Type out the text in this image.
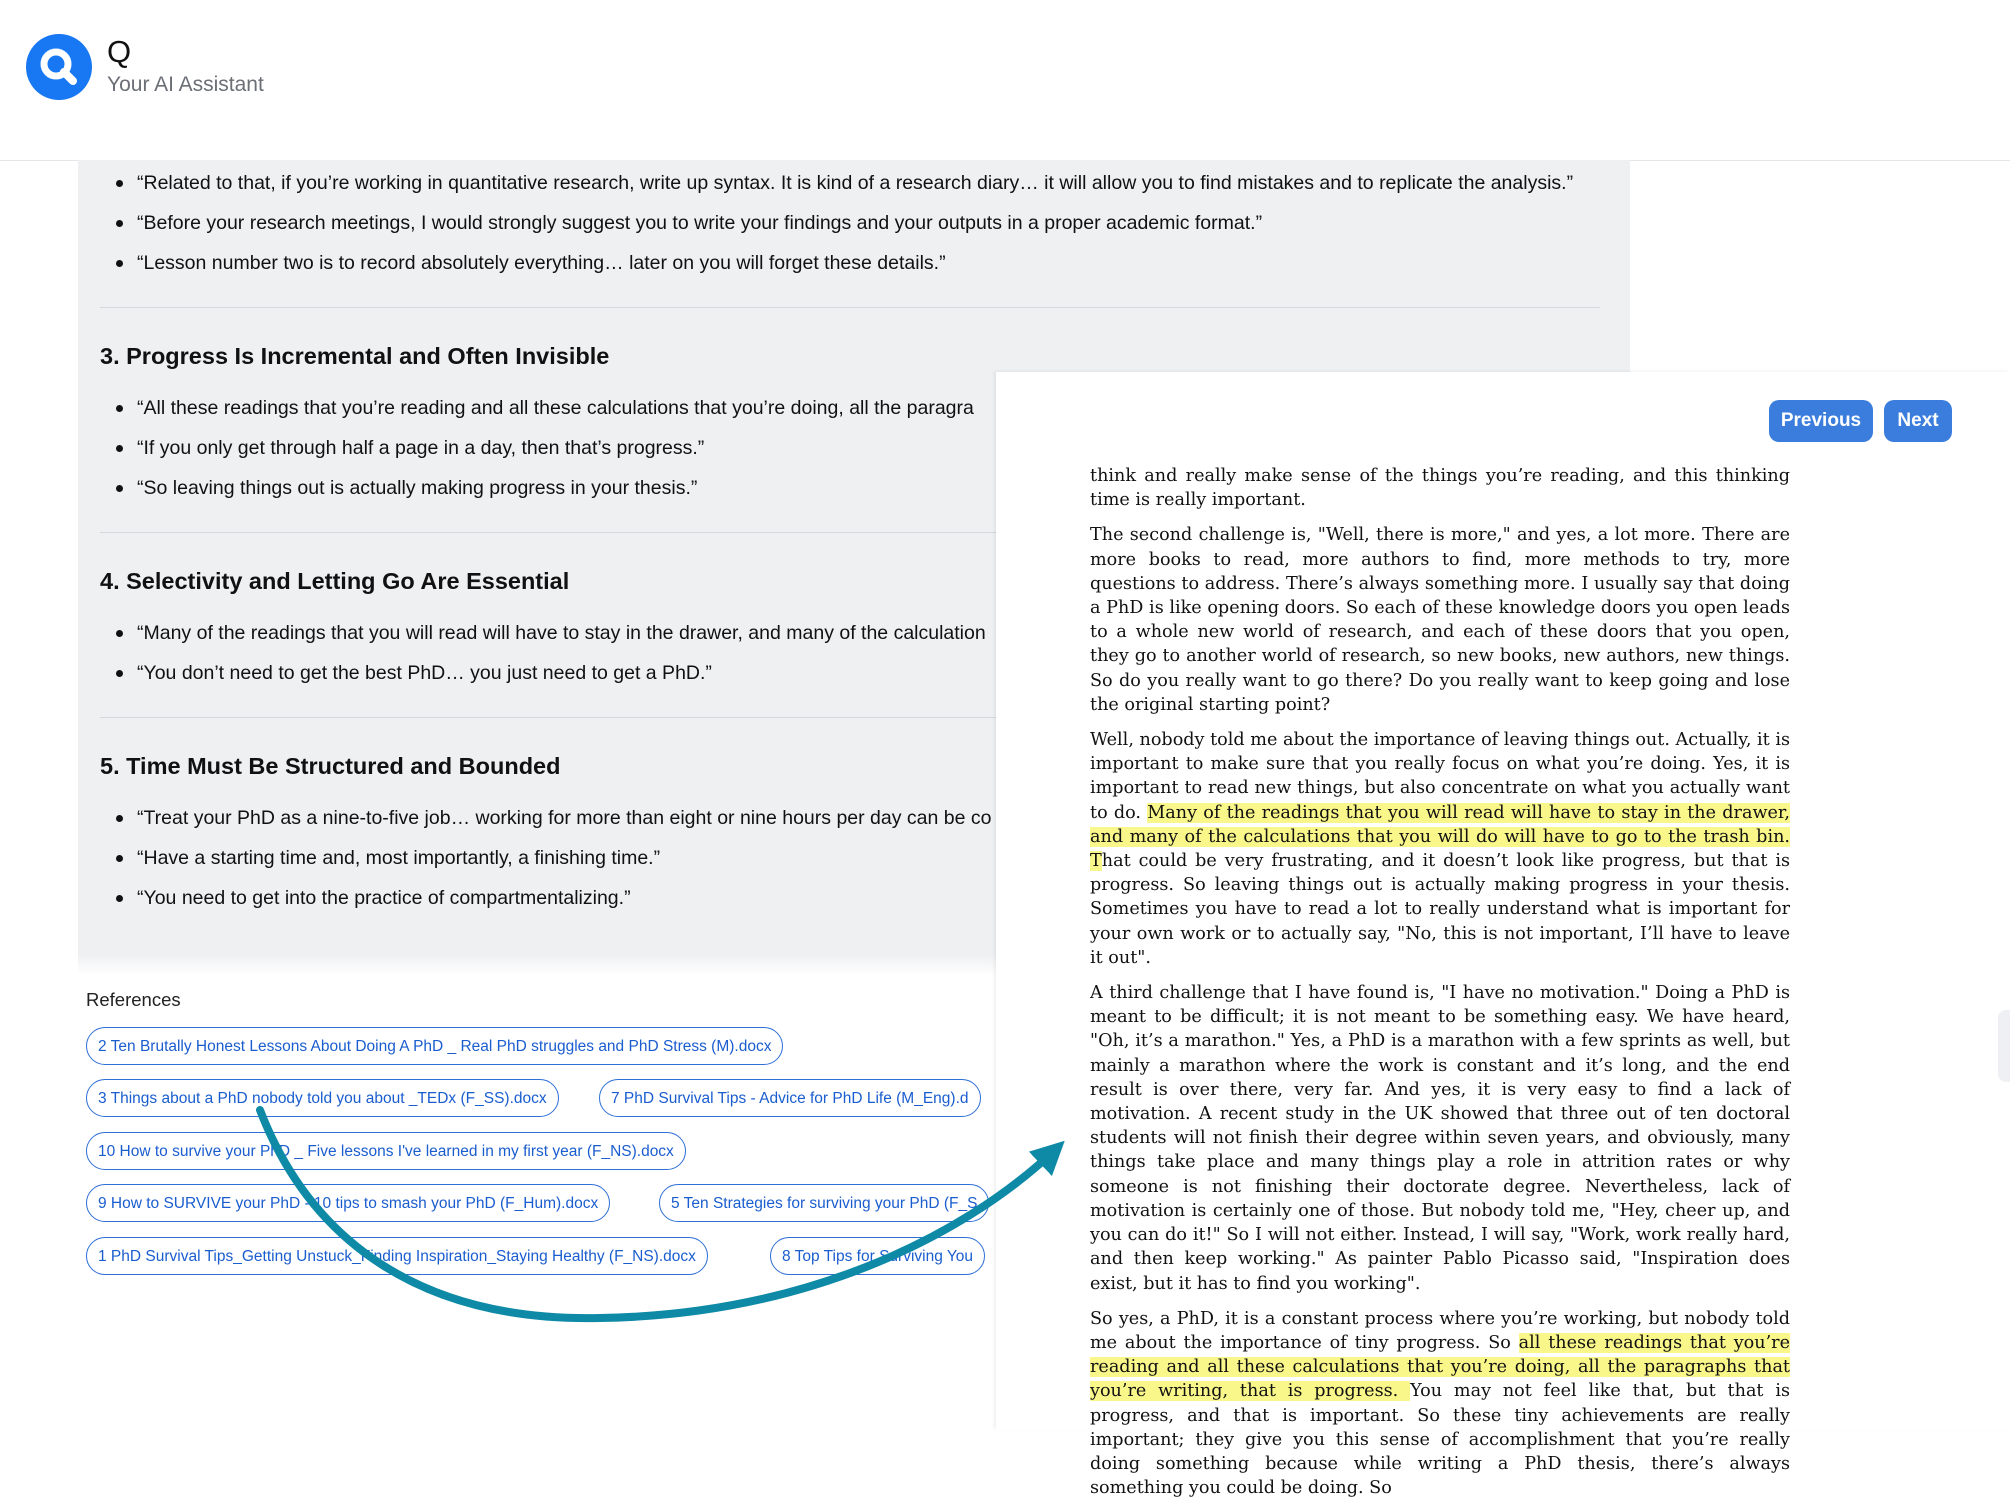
Q
Your AI Assistant
“Related to that, if you’re working in quantitative research, write up syntax. It is kind of a research diary… it will allow you to find mistakes and to replicate the analysis.”
“Before your research meetings, I would strongly suggest you to write your findings and your outputs in a proper academic format.”
“Lesson number two is to record absolutely everything… later on you will forget these details.”
3. Progress Is Incremental and Often Invisible
“All these readings that you’re reading and all these calculations that you’re doing, all the paragra
“If you only get through half a page in a day, then that’s progress.”
“So leaving things out is actually making progress in your thesis.”
4. Selectivity and Letting Go Are Essential
“Many of the readings that you will read will have to stay in the drawer, and many of the calculation
“You don’t need to get the best PhD… you just need to get a PhD.”
5. Time Must Be Structured and Bounded
“Treat your PhD as a nine-to-five job… working for more than eight or nine hours per day can be co
“Have a starting time and, most importantly, a finishing time.”
“You need to get into the practice of compartmentalizing.”
References
2 Ten Brutally Honest Lessons About Doing A PhD _ Real PhD struggles and PhD Stress (M).docx
3 Things about a PhD nobody told you about _TEDx (F_SS).docx	7 PhD Survival Tips - Advice for PhD Life (M_Eng).d
10 How to survive your PhD _ Five lessons I've learned in my first year (F_NS).docx
9 How to SURVIVE your PhD - 10 tips to smash your PhD (F_Hum).docx	5 Ten Strategies for surviving your PhD (F_S
1 PhD Survival Tips_Getting Unstuck_Finding Inspiration_Staying Healthy (F_NS).docx	8 Top Tips for Surviving You
Previous	Next

think and really make sense of the things you’re reading, and this thinking time is really important.

The second challenge is, "Well, there is more," and yes, a lot more. There are more books to read, more authors to find, more methods to try, more questions to address. There’s always something more. I usually say that doing a PhD is like opening doors. So each of these knowledge doors you open leads to a whole new world of research, and each of these doors that you open, they go to another world of research, so new books, new authors, new things. So do you really want to go there? Do you really want to keep going and lose the original starting point?

Well, nobody told me about the importance of leaving things out. Actually, it is important to make sure that you really focus on what you’re doing. Yes, it is important to read new things, but also concentrate on what you actually want to do. Many of the readings that you will read will have to stay in the drawer, and many of the calculations that you will do will have to go to the trash bin. That could be very frustrating, and it doesn’t look like progress, but that is progress. So leaving things out is actually making progress in your thesis. Sometimes you have to read a lot to really understand what is important for your own work or to actually say, "No, this is not important, I’ll have to leave it out".

A third challenge that I have found is, "I have no motivation." Doing a PhD is meant to be difficult; it is not meant to be something easy. We have heard, "Oh, it’s a marathon." Yes, a PhD is a marathon with a few sprints as well, but mainly a marathon where the work is constant and it’s long, and the end result is over there, very far. And yes, it is very easy to find a lack of motivation. A recent study in the UK showed that three out of ten doctoral students will not finish their degree within seven years, and obviously, many things take place and many things play a role in attrition rates or why someone is not finishing their doctorate degree. Nevertheless, lack of motivation is certainly one of those. But nobody told me, "Hey, cheer up, and you can do it!" So I will not either. Instead, I will say, "Work, work really hard, and then keep working." As painter Pablo Picasso said, "Inspiration does exist, but it has to find you working".

So yes, a PhD, it is a constant process where you’re working, but nobody told me about the importance of tiny progress. So all these readings that you’re reading and all these calculations that you’re doing, all the paragraphs that you’re writing, that is progress. You may not feel like that, but that is progress, and that is important. So these tiny achievements are really important; they give you this sense of accomplishment that you’re really doing something because while writing a PhD thesis, there’s always something you could be doing. So
